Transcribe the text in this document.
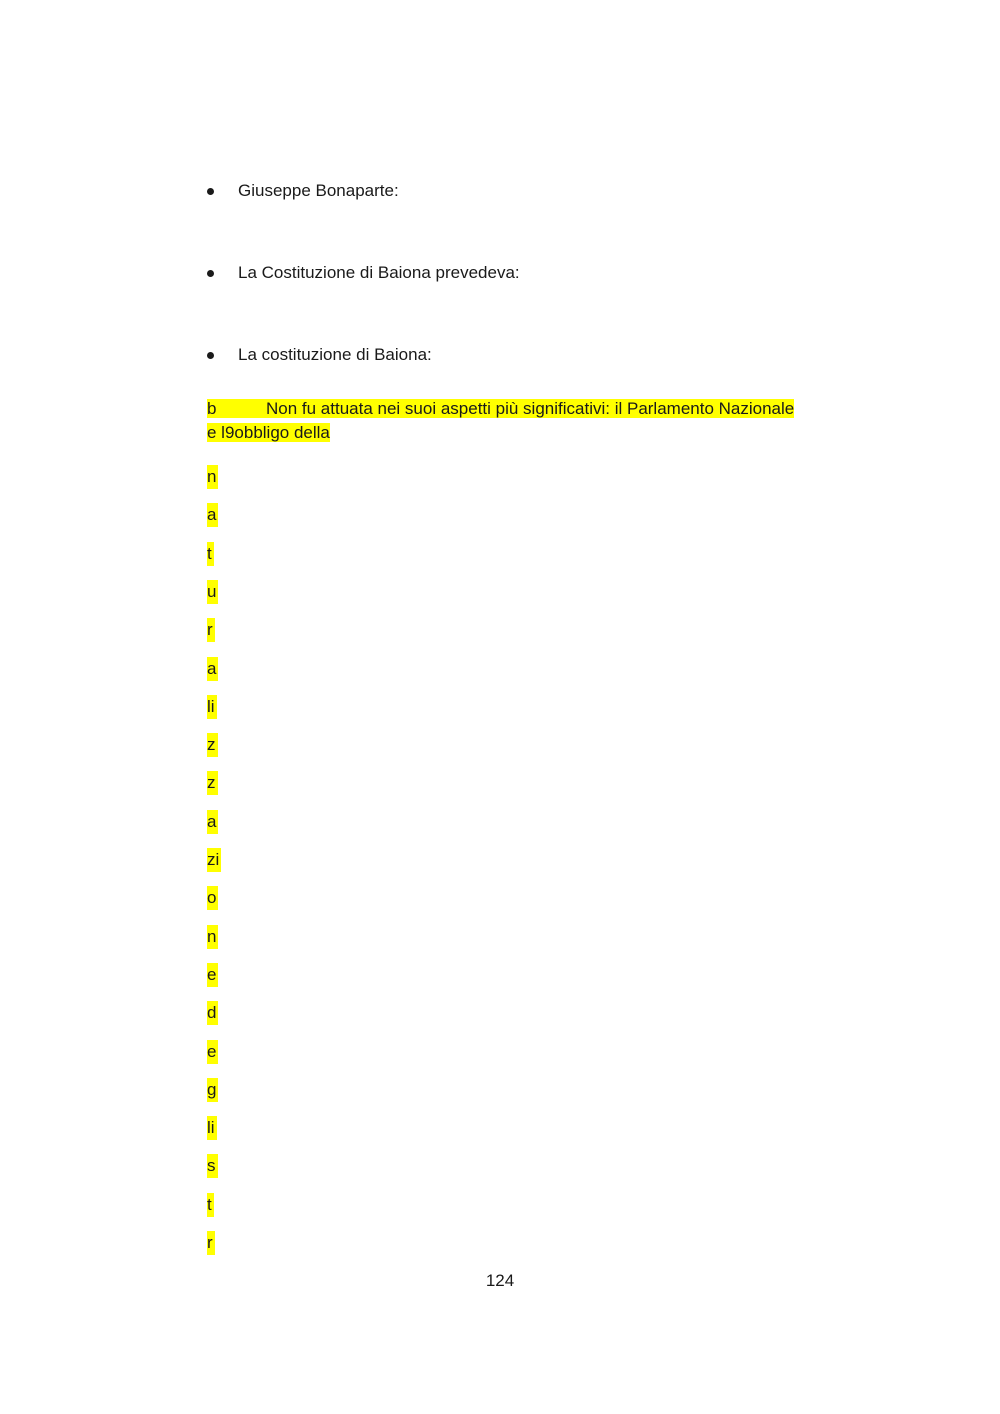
Giuseppe Bonaparte:
La Costituzione di Baiona prevedeva:
La costituzione di Baiona:
b	Non fu attuata nei suoi aspetti più significativi: il Parlamento Nazionale
e l9obbligo della
n
a
t
u
r
a
li
z
z
a
zi
o
n
e
d
e
g
li
s
t
r
124
